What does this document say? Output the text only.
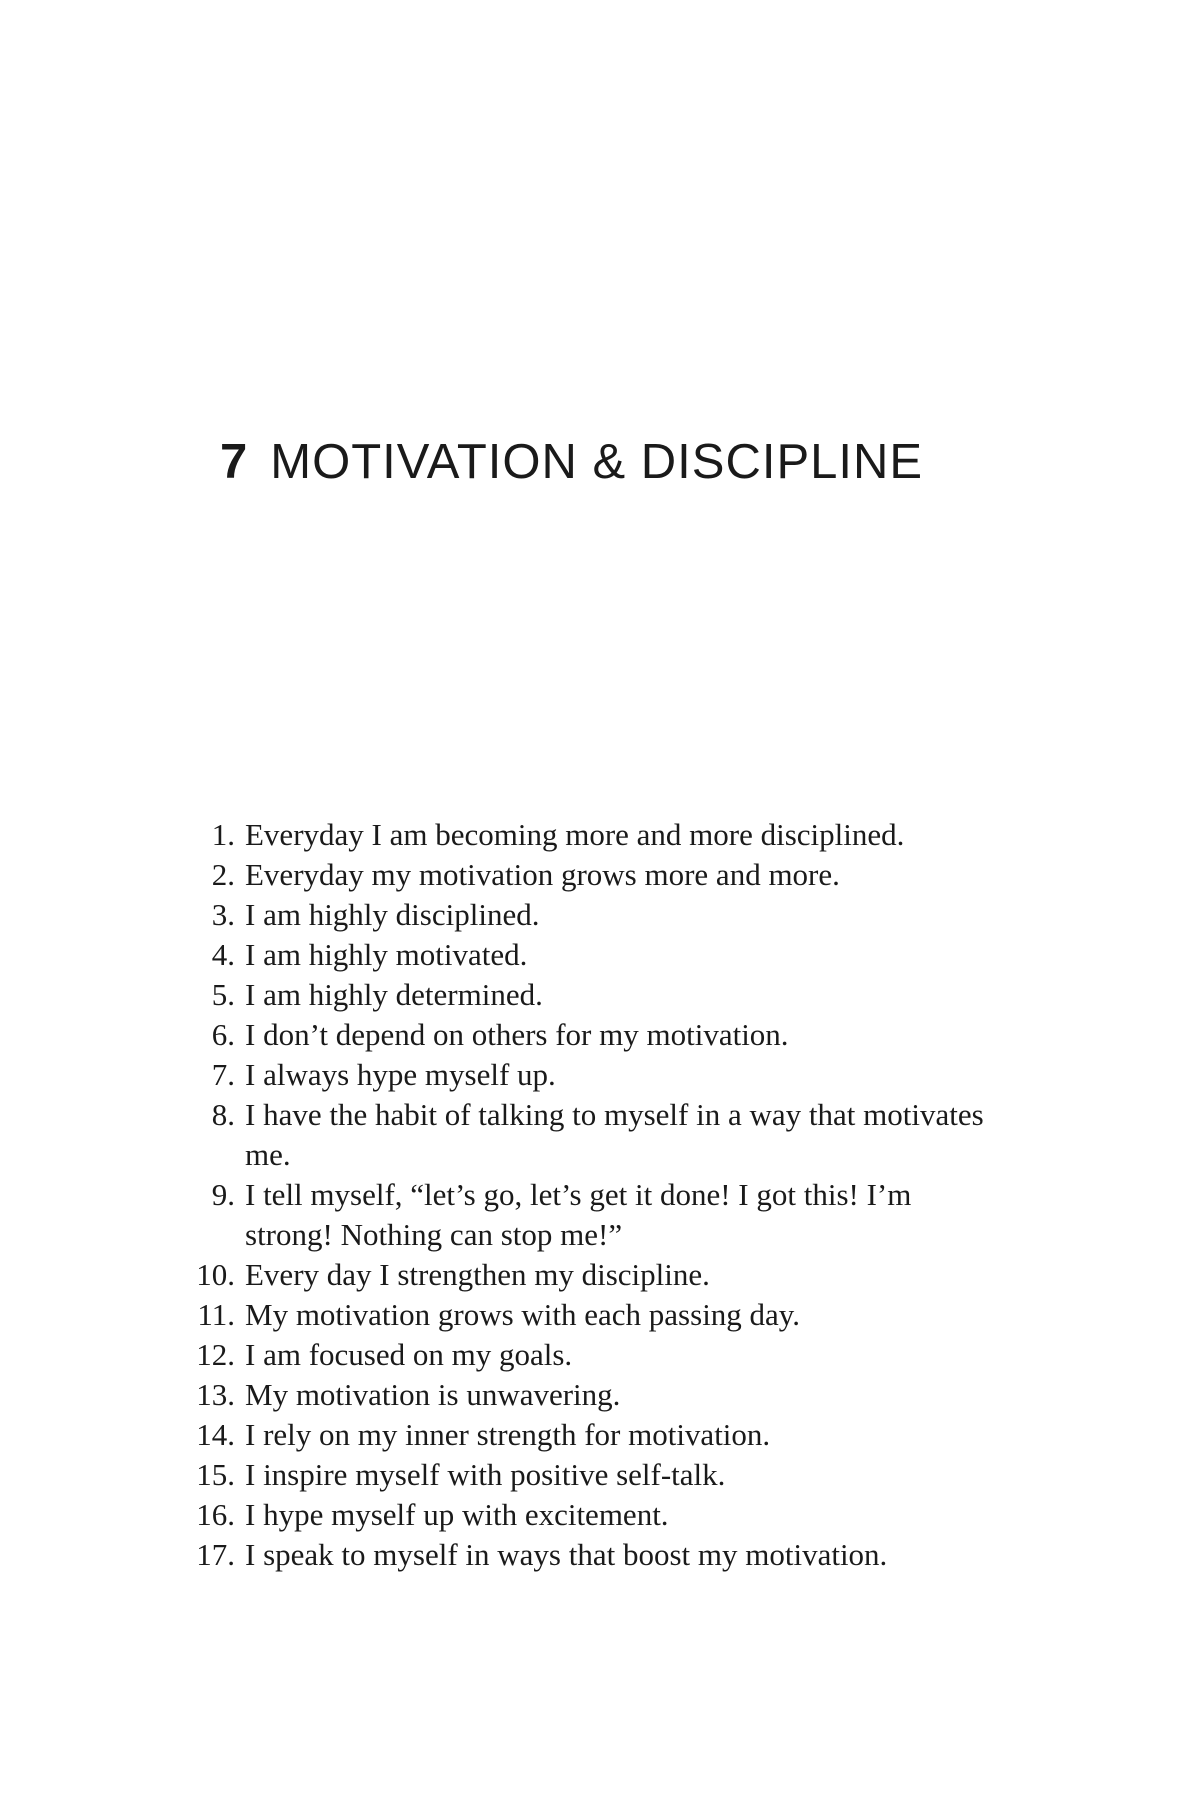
7 MOTIVATION & DISCIPLINE
1. Everyday I am becoming more and more disciplined.
2. Everyday my motivation grows more and more.
3. I am highly disciplined.
4. I am highly motivated.
5. I am highly determined.
6. I don’t depend on others for my motivation.
7. I always hype myself up.
8. I have the habit of talking to myself in a way that motivates me.
9. I tell myself, “let’s go, let’s get it done! I got this! I’m strong! Nothing can stop me!”
10. Every day I strengthen my discipline.
11. My motivation grows with each passing day.
12. I am focused on my goals.
13. My motivation is unwavering.
14. I rely on my inner strength for motivation.
15. I inspire myself with positive self-talk.
16. I hype myself up with excitement.
17. I speak to myself in ways that boost my motivation.
